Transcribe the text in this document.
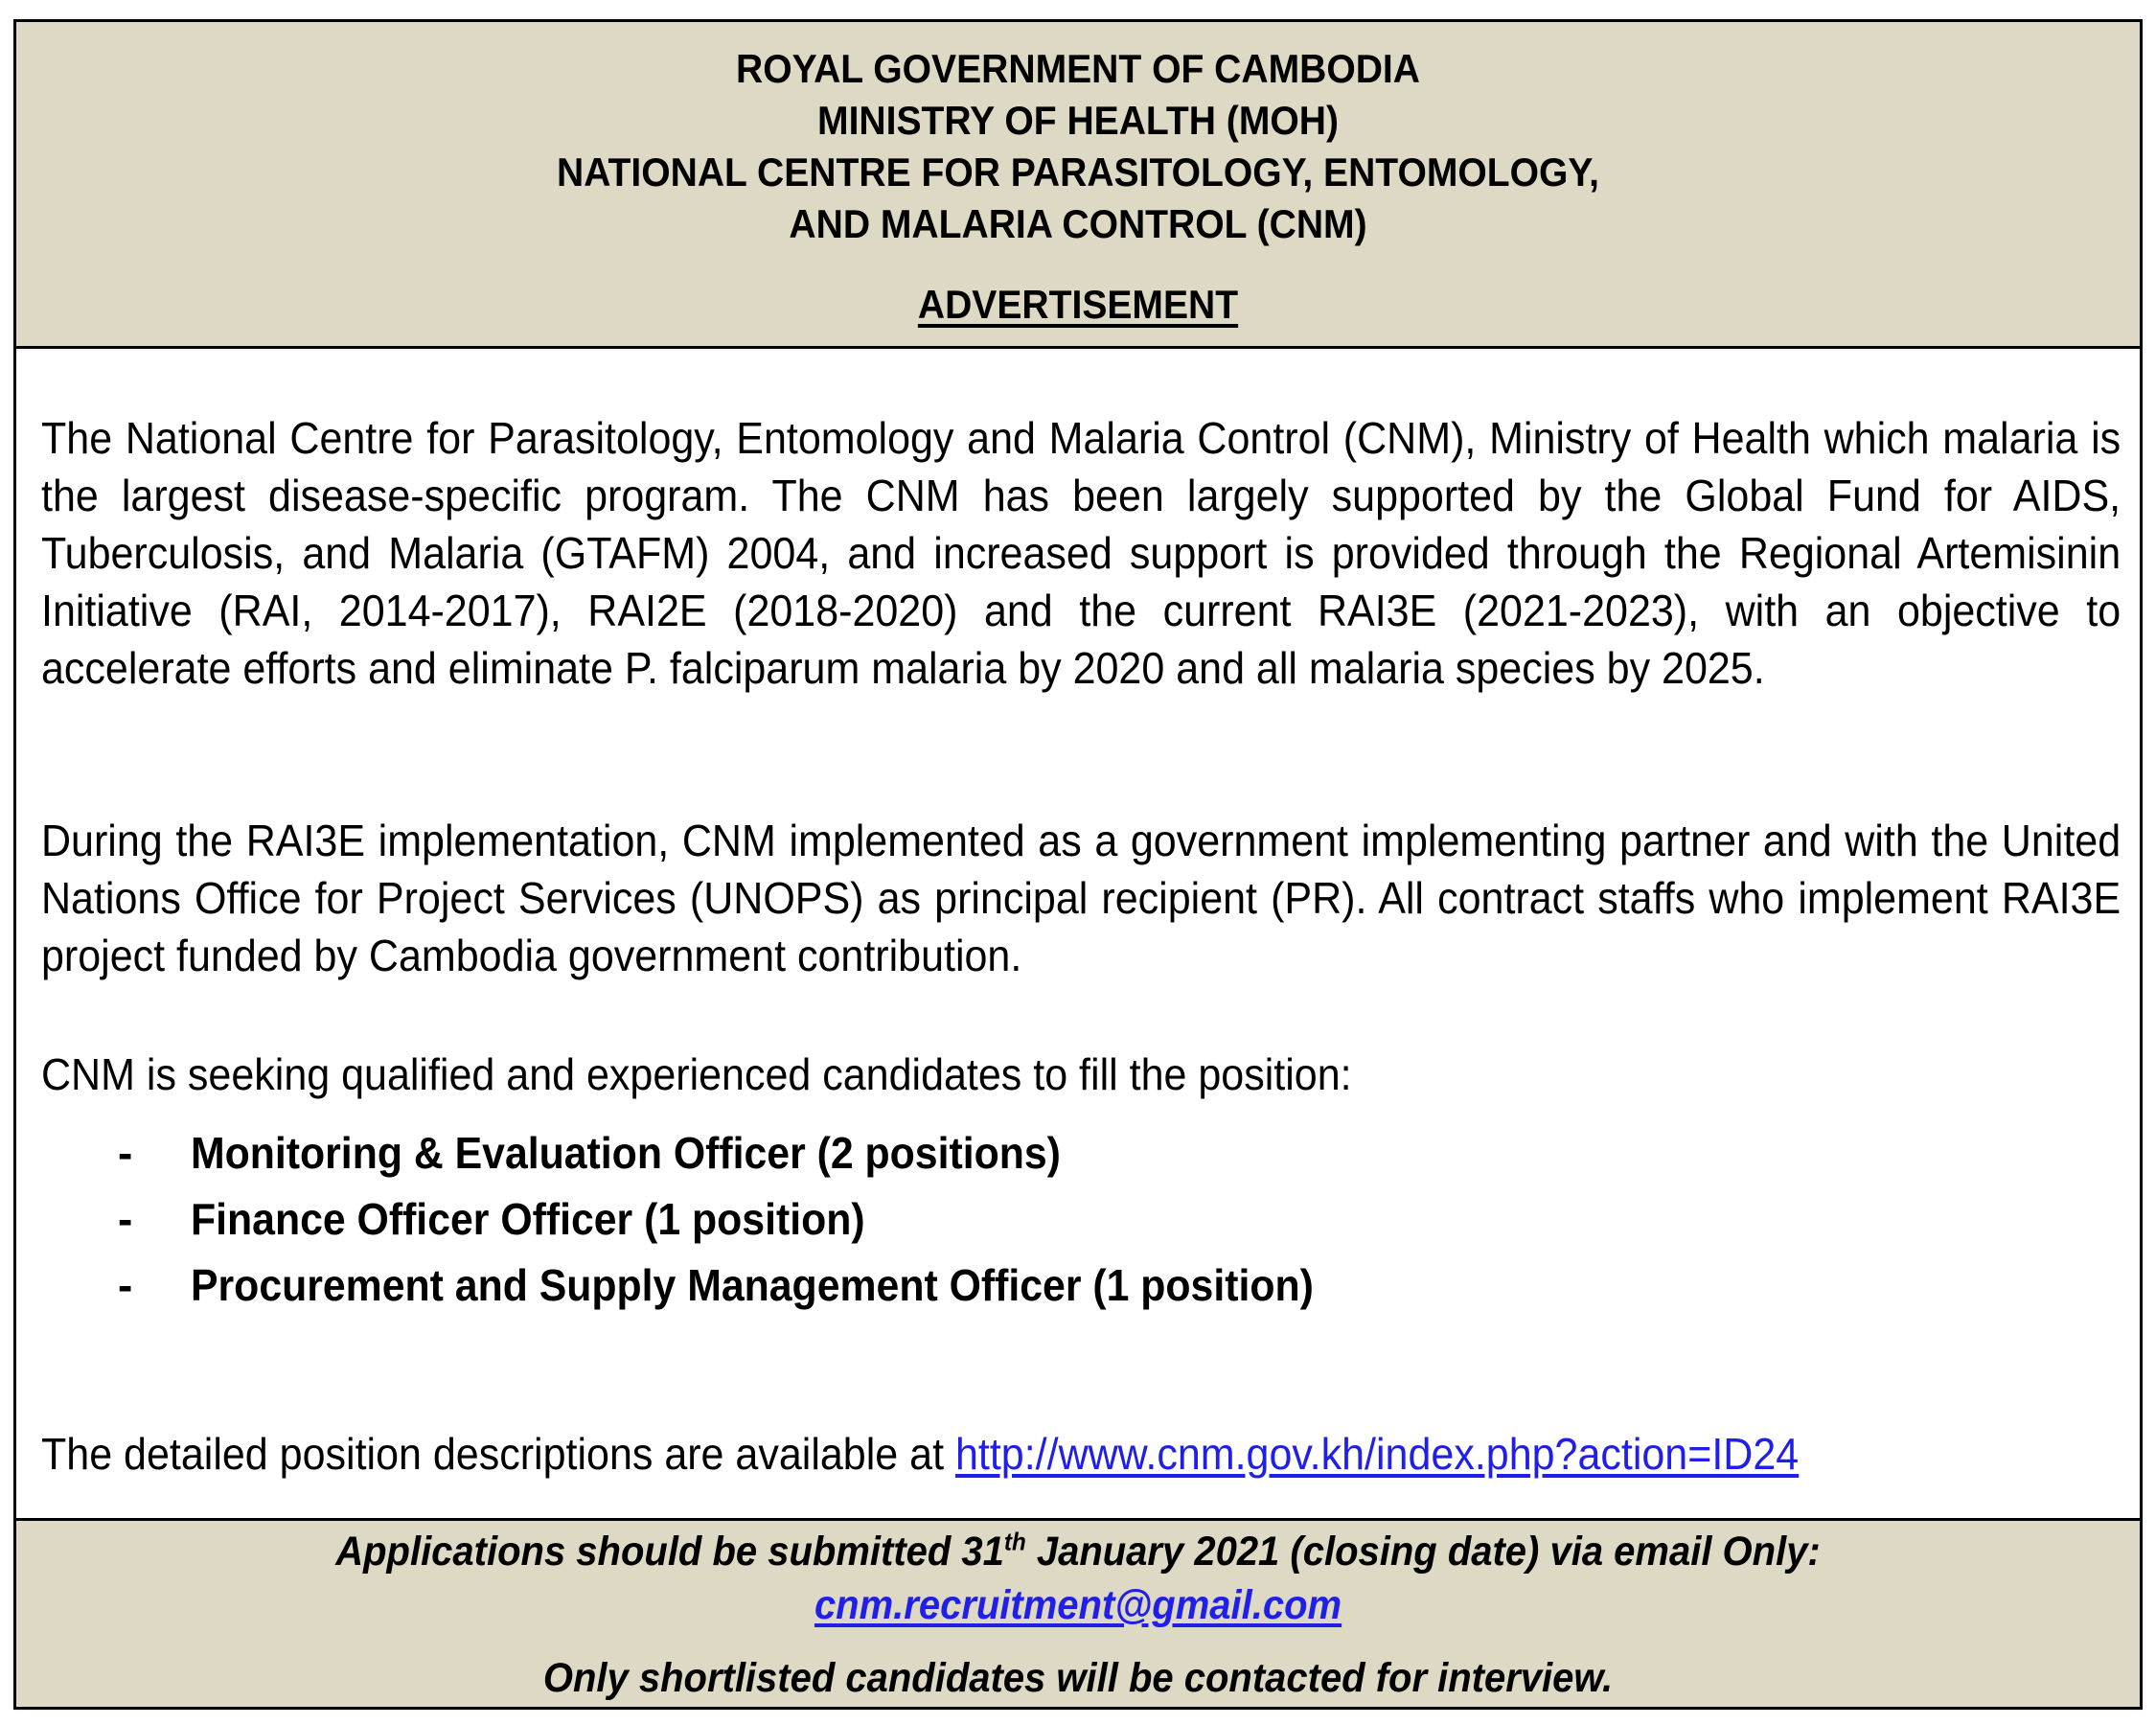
ROYAL GOVERNMENT OF CAMBODIA
MINISTRY OF HEALTH (MOH)
NATIONAL CENTRE FOR PARASITOLOGY, ENTOMOLOGY,
AND MALARIA CONTROL (CNM)
ADVERTISEMENT
The National Centre for Parasitology, Entomology and Malaria Control (CNM), Ministry of Health which malaria is the largest disease-specific program. The CNM has been largely supported by the Global Fund for AIDS, Tuberculosis, and Malaria (GTAFM) 2004, and increased support is provided through the Regional Artemisinin Initiative (RAI, 2014-2017), RAI2E (2018-2020) and the current RAI3E (2021-2023), with an objective to accelerate efforts and eliminate P. falciparum malaria by 2020 and all malaria species by 2025.
During the RAI3E implementation, CNM implemented as a government implementing partner and with the United Nations Office for Project Services (UNOPS) as principal recipient (PR). All contract staffs who implement RAI3E project funded by Cambodia government contribution.
CNM is seeking qualified and experienced candidates to fill the position:
-	Monitoring & Evaluation Officer (2 positions)
-	Finance Officer Officer (1 position)
-	Procurement and Supply Management Officer (1 position)
The detailed position descriptions are available at http://www.cnm.gov.kh/index.php?action=ID24
Applications should be submitted 31th January 2021 (closing date) via email Only:
cnm.recruitment@gmail.com
Only shortlisted candidates will be contacted for interview.
